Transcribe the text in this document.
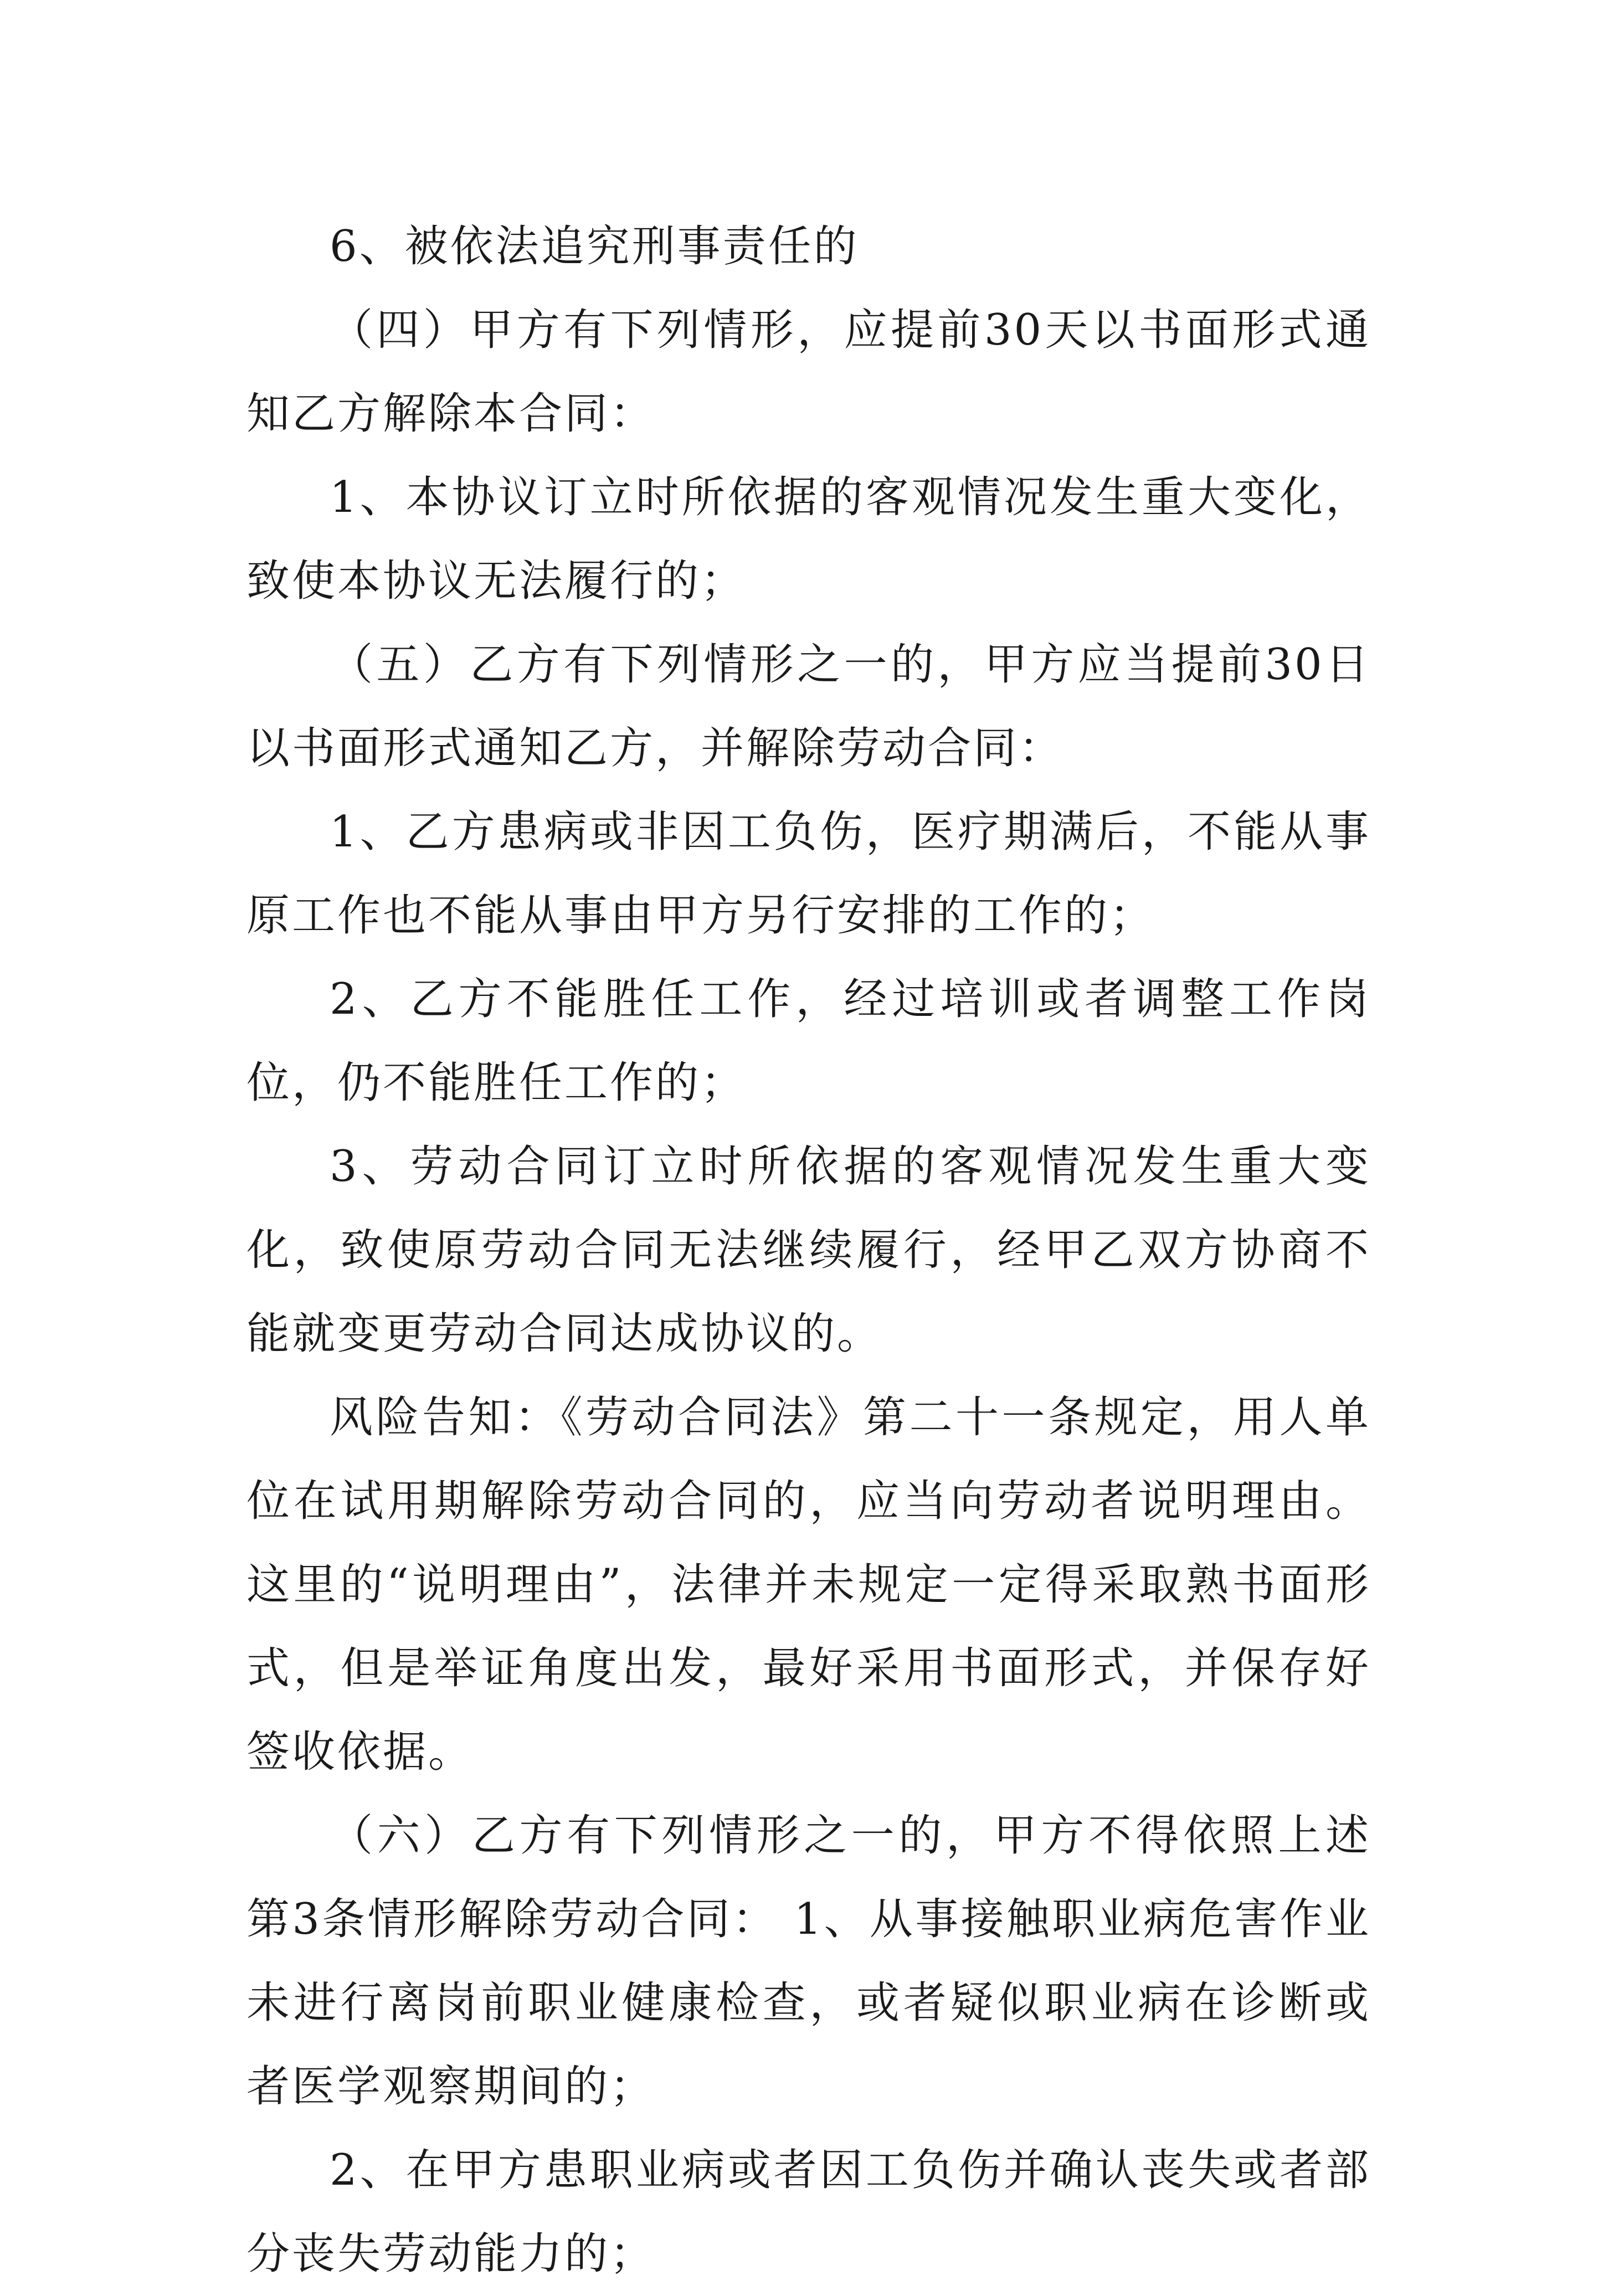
6、被依法追究刑事责任的

（四）甲方有下列情形，应提前30天以书面形式通知乙方解除本合同：

1、本协议订立时所依据的客观情况发生重大变化，致使本协议无法履行的；

（五）乙方有下列情形之一的，甲方应当提前30日以书面形式通知乙方，并解除劳动合同：

1、乙方患病或非因工负伤，医疗期满后，不能从事原工作也不能从事由甲方另行安排的工作的；

2、乙方不能胜任工作，经过培训或者调整工作岗位，仍不能胜任工作的；

3、劳动合同订立时所依据的客观情况发生重大变化，致使原劳动合同无法继续履行，经甲乙双方协商不能就变更劳动合同达成协议的。

风险告知：《劳动合同法》第二十一条规定，用人单位在试用期解除劳动合同的，应当向劳动者说明理由。这里的“说明理由”，法律并未规定一定得采取熟书面形式，但是举证角度出发，最好采用书面形式，并保存好签收依据。

（六）乙方有下列情形之一的，甲方不得依照上述第3条情形解除劳动合同： 1、从事接触职业病危害作业未进行离岗前职业健康检查，或者疑似职业病在诊断或者医学观察期间的；

2、在甲方患职业病或者因工负伤并确认丧失或者部分丧失劳动能力的；
